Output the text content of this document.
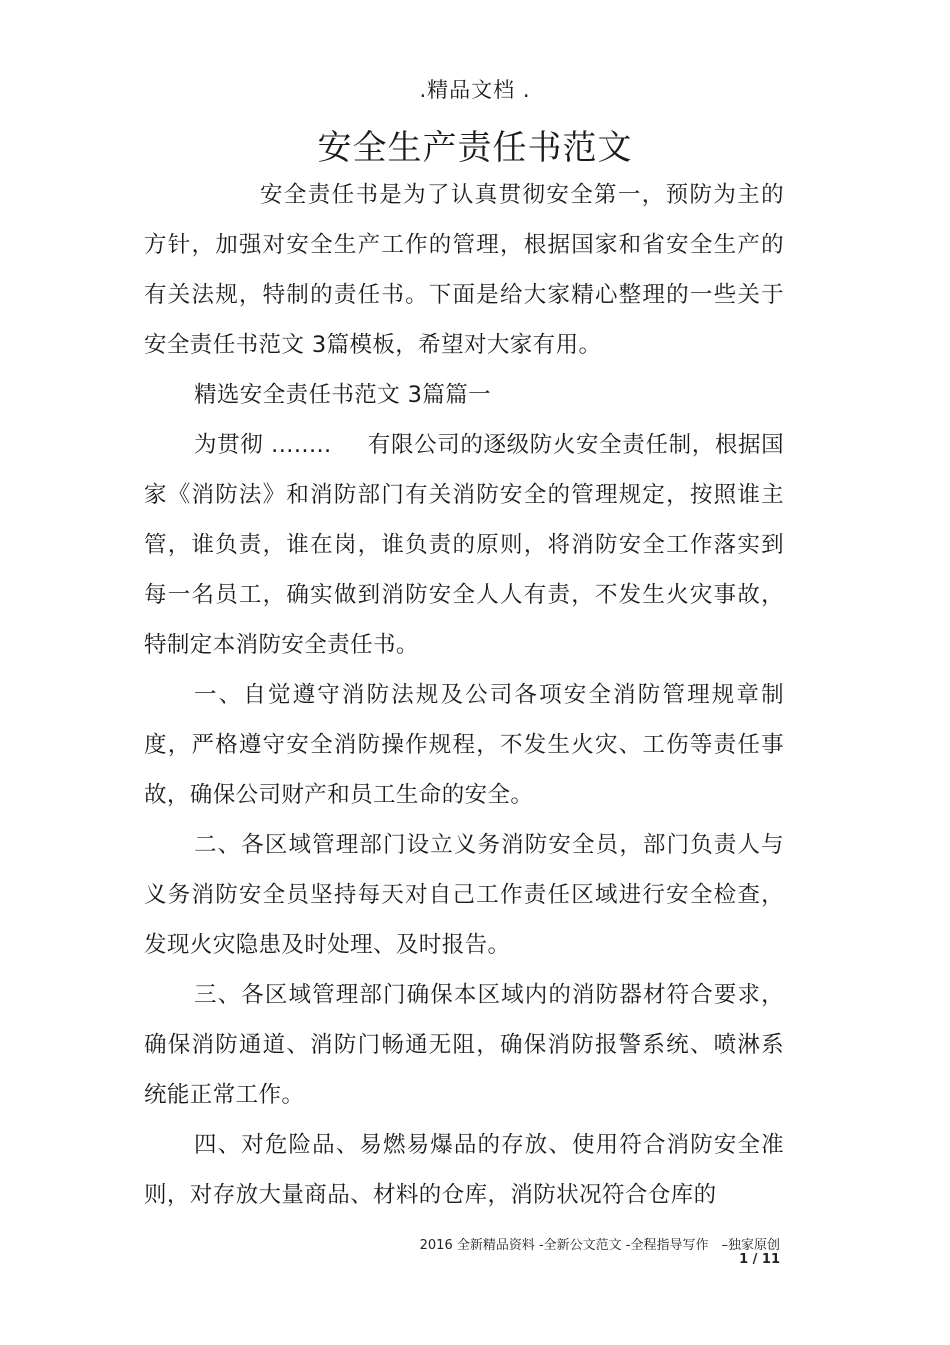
.精品文档 .
安全生产责任书范文

安全责任书是为了认真贯彻安全第一，预防为主的方针，加强对安全生产工作的管理，根据国家和省安全生产的有关法规，特制的责任书。下面是给大家精心整理的一些关于安全责任书范文 3篇模板，希望对大家有用。

精选安全责任书范文 3篇篇一

为贯彻 ........ 有限公司的逐级防火安全责任制，根据国家《消防法》和消防部门有关消防安全的管理规定，按照谁主管，谁负责，谁在岗，谁负责的原则，将消防安全工作落实到每一名员工，确实做到消防安全人人有责，不发生火灾事故，特制定本消防安全责任书。

一、自觉遵守消防法规及公司各项安全消防管理规章制度，严格遵守安全消防操作规程，不发生火灾、工伤等责任事故，确保公司财产和员工生命的安全。

二、各区域管理部门设立义务消防安全员，部门负责人与义务消防安全员坚持每天对自己工作责任区域进行安全检查，发现火灾隐患及时处理、及时报告。

三、各区域管理部门确保本区域内的消防器材符合要求，确保消防通道、消防门畅通无阻，确保消防报警系统、喷淋系统能正常工作。

四、对危险品、易燃易爆品的存放、使用符合消防安全准则，对存放大量商品、材料的仓库，消防状况符合仓库的

2016 全新精品资料 -全新公文范文 -全程指导写作　–独家原创
1 / 11
